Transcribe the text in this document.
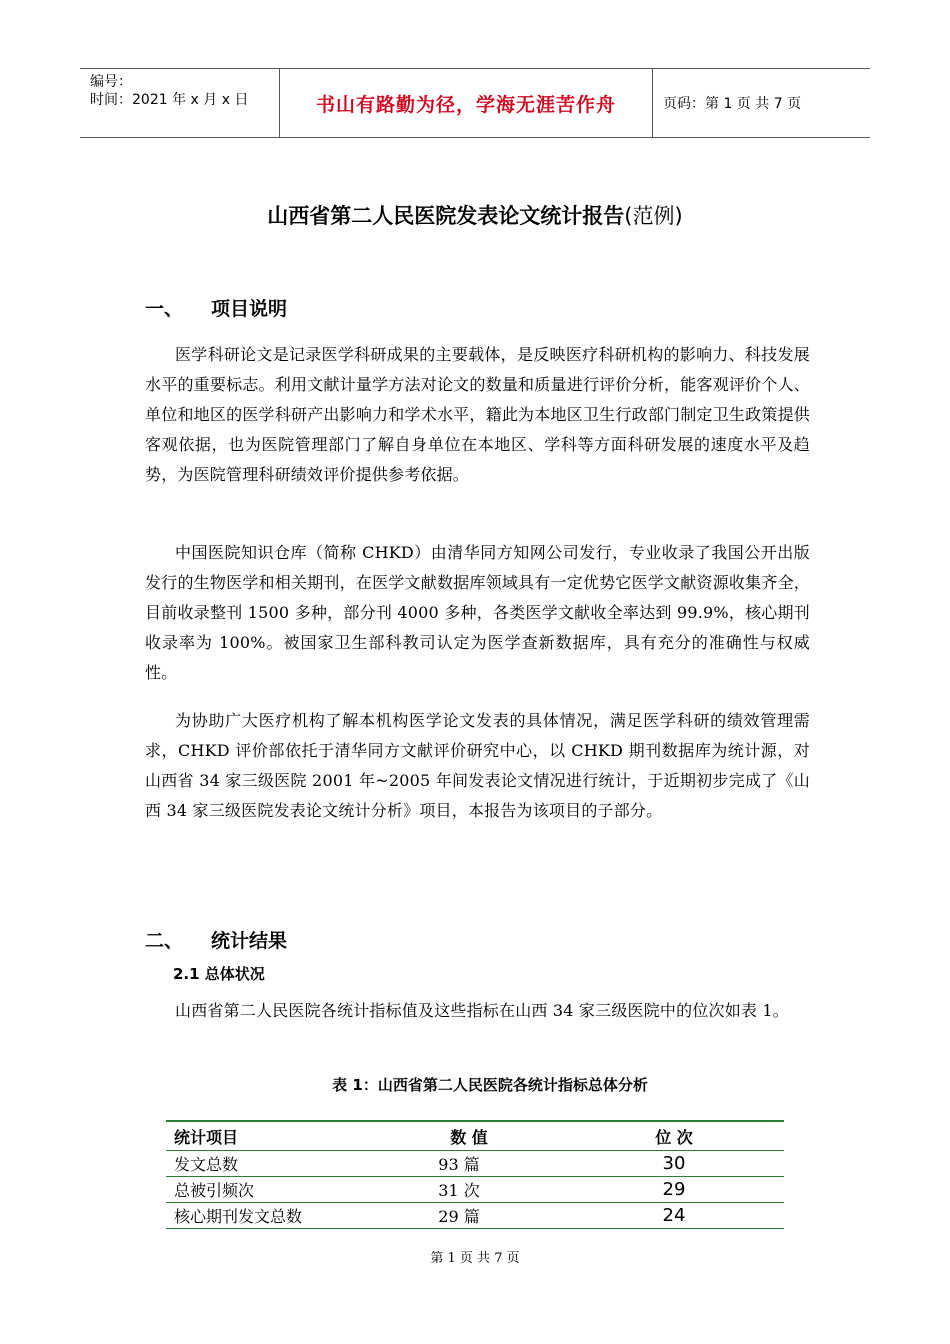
编号：
时间：2021 年 x 月 x 日	书山有路勤为径，学海无涯苦作舟	页码：第 1 页 共 7 页
山西省第二人民医院发表论文统计报告(范例)
一、	项目说明

医学科研论文是记录医学科研成果的主要载体，是反映医疗科研机构的影响力、科技发展水平的重要标志。利用文献计量学方法对论文的数量和质量进行评价分析，能客观评价个人、单位和地区的医学科研产出影响力和学术水平，籍此为本地区卫生行政部门制定卫生政策提供客观依据，也为医院管理部门了解自身单位在本地区、学科等方面科研发展的速度水平及趋势，为医院管理科研绩效评价提供参考依据。

中国医院知识仓库（简称 CHKD）由清华同方知网公司发行，专业收录了我国公开出版发行的生物医学和相关期刊，在医学文献数据库领域具有一定优势它医学文献资源收集齐全，目前收录整刊 1500 多种，部分刊 4000 多种，各类医学文献收全率达到 99.9%，核心期刊收录率为 100%。被国家卫生部科教司认定为医学查新数据库，具有充分的准确性与权威性。

为协助广大医疗机构了解本机构医学论文发表的具体情况，满足医学科研的绩效管理需求，CHKD 评价部依托于清华同方文献评价研究中心，以 CHKD 期刊数据库为统计源，对山西省 34 家三级医院 2001 年~2005 年间发表论文情况进行统计，于近期初步完成了《山西 34 家三级医院发表论文统计分析》项目，本报告为该项目的子部分。

二、	统计结果
2.1 总体状况

山西省第二人民医院各统计指标值及这些指标在山西 34 家三级医院中的位次如表 1。

表 1：山西省第二人民医院各统计指标总体分析
统计项目	数 值	位 次
发文总数	93 篇	30
总被引频次	31 次	29
核心期刊发文总数	29 篇	24
第 1 页 共 7 页
